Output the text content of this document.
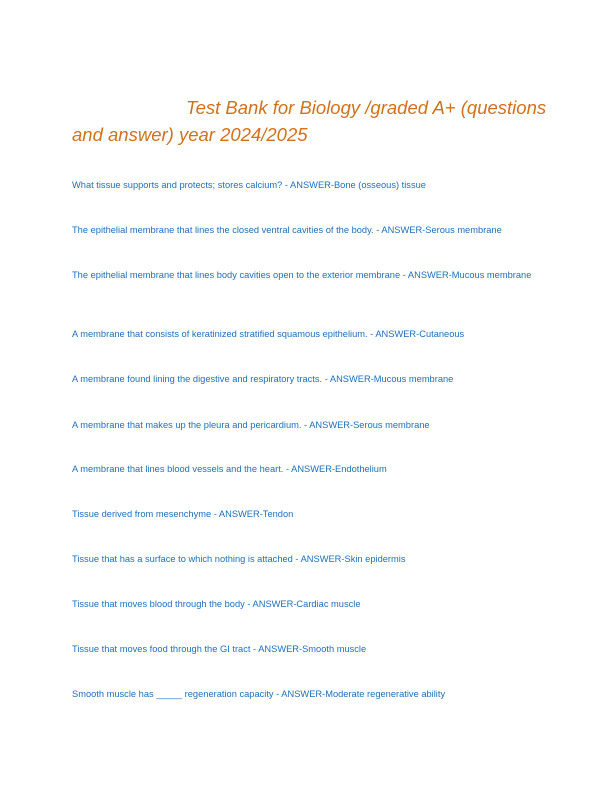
Test Bank for Biology /graded A+ (questions and answer) year 2024/2025

What tissue supports and protects; stores calcium? - ANSWER-Bone (osseous) tissue

The epithelial membrane that lines the closed ventral cavities of the body. - ANSWER-Serous membrane

The epithelial membrane that lines body cavities open to the exterior membrane - ANSWER-Mucous membrane

A membrane that consists of keratinized stratified squamous epithelium. - ANSWER-Cutaneous

A membrane found lining the digestive and respiratory tracts. - ANSWER-Mucous membrane

A membrane that makes up the pleura and pericardium. - ANSWER-Serous membrane

A membrane that lines blood vessels and the heart. - ANSWER-Endothelium

Tissue derived from mesenchyme - ANSWER-Tendon

Tissue that has a surface to which nothing is attached - ANSWER-Skin epidermis

Tissue that moves blood through the body - ANSWER-Cardiac muscle

Tissue that moves food through the GI tract - ANSWER-Smooth muscle

Smooth muscle has _____ regeneration capacity - ANSWER-Moderate regenerative ability
